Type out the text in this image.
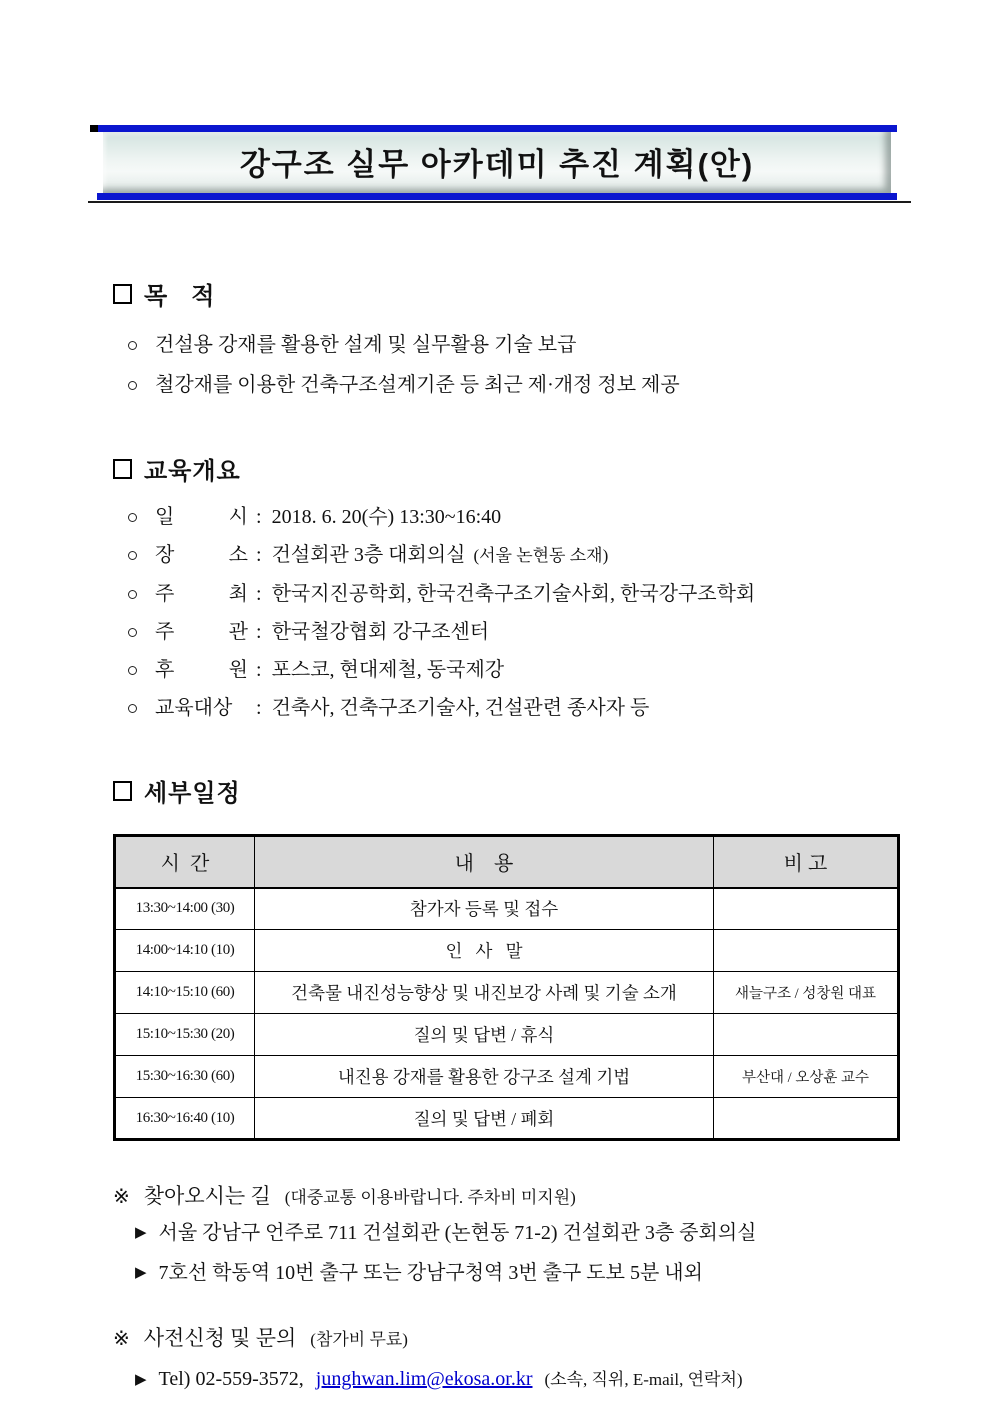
강구조 실무 아카데미 추진 계획(안)
목   적
건설용 강재를 활용한 설계 및 실무활용 기술 보급
철강재를 이용한 건축구조설계기준 등 최근 제·개정 정보 제공
교육개요
일 시 : 2018. 6. 20(수) 13:30~16:40
장 소 : 건설회관 3층 대회의실 (서울 논현동 소재)
주 최 : 한국지진공학회, 한국건축구조기술사회, 한국강구조학회
주 관 : 한국철강협회 강구조센터
후 원 : 포스코, 현대제철, 동국제강
교육대상	: 건축사, 건축구조기술사, 건설관련 종사자 등
세부일정
시  간	내    용	비 고
13:30~14:00 (30)	참가자 등록 및 접수	
14:00~14:10 (10)	인   사   말	
14:10~15:10 (60)	건축물 내진성능향상 및 내진보강 사례 및 기술 소개	새늘구조 / 성창원 대표
15:10~15:30 (20)	질의 및 답변 / 휴식	
15:30~16:30 (60)	내진용 강재를 활용한 강구조 설계 기법	부산대 / 오상훈 교수
16:30~16:40 (10)	질의 및 답변 / 폐회	
※ 찾아오시는 길 (대중교통 이용바랍니다. 주차비 미지원)
▶ 서울 강남구 언주로 711 건설회관 (논현동 71-2) 건설회관 3층 중회의실
▶ 7호선 학동역 10번 출구 또는 강남구청역 3번 출구 도보 5분 내외
※ 사전신청 및 문의 (참가비 무료)
▶ Tel) 02-559-3572, junghwan.lim@ekosa.or.kr (소속, 직위, E-mail, 연락처)
